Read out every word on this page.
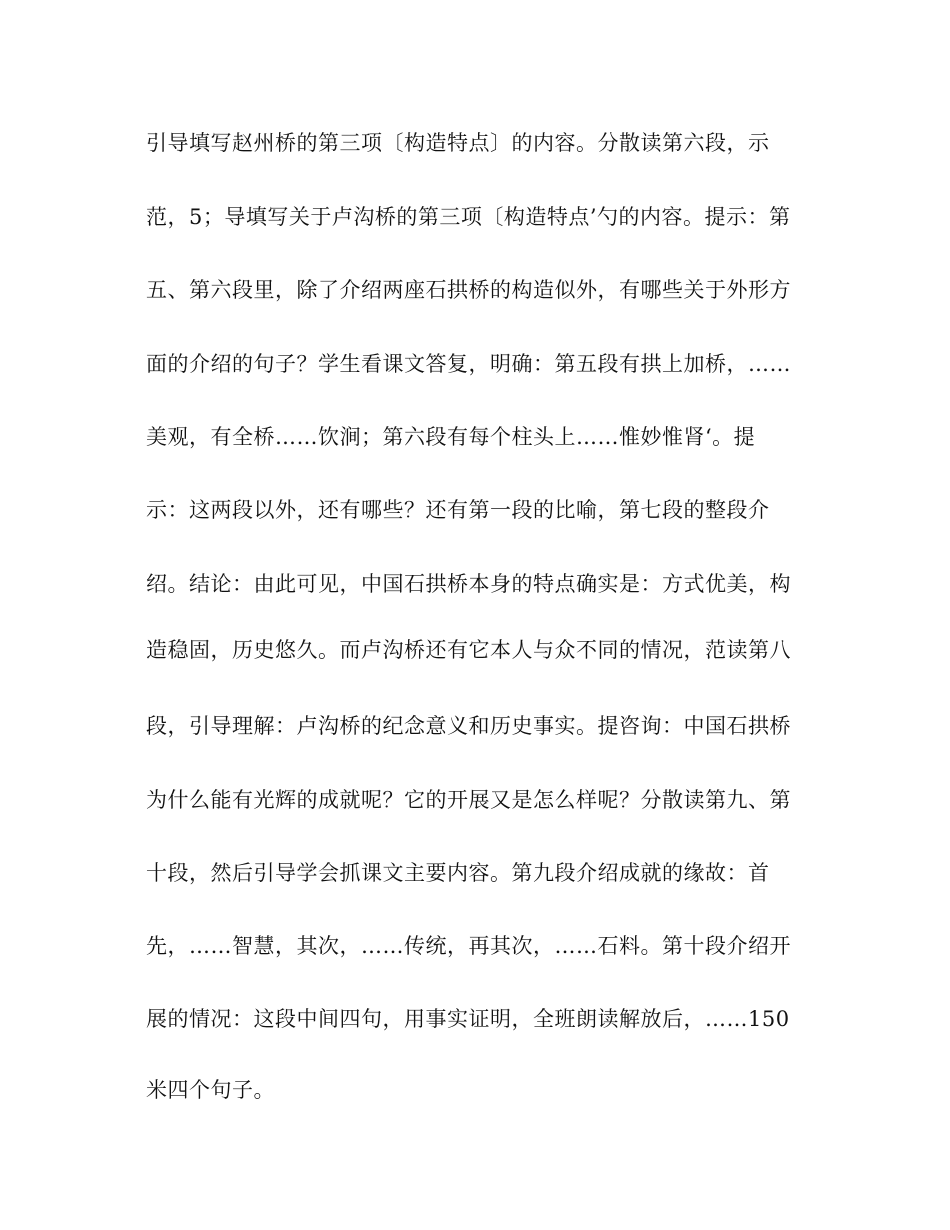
引导填写赵州桥的第三项〔构造特点〕的内容。分散读第六段，示
范，5；导填写关于卢沟桥的第三项〔构造特点’勺的内容。提示：第
五、第六段里，除了介绍两座石拱桥的构造似外，有哪些关于外形方
面的介绍的句子？学生看课文答复，明确：第五段有拱上加桥，……
美观，有全桥……饮涧；第六段有每个柱头上……惟妙惟肾‘。提
示：这两段以外，还有哪些？还有第一段的比喻，第七段的整段介
绍。结论：由此可见，中国石拱桥本身的特点确实是：方式优美，构
造稳固，历史悠久。而卢沟桥还有它本人与众不同的情况，范读第八
段，引导理解：卢沟桥的纪念意义和历史事实。提咨询：中国石拱桥
为什么能有光辉的成就呢？它的开展又是怎么样呢？分散读第九、第
十段，然后引导学会抓课文主要内容。第九段介绍成就的缘故：首
先，……智慧，其次，……传统，再其次，……石料。第十段介绍开
展的情况：这段中间四句，用事实证明，全班朗读解放后，……150
米四个句子。
